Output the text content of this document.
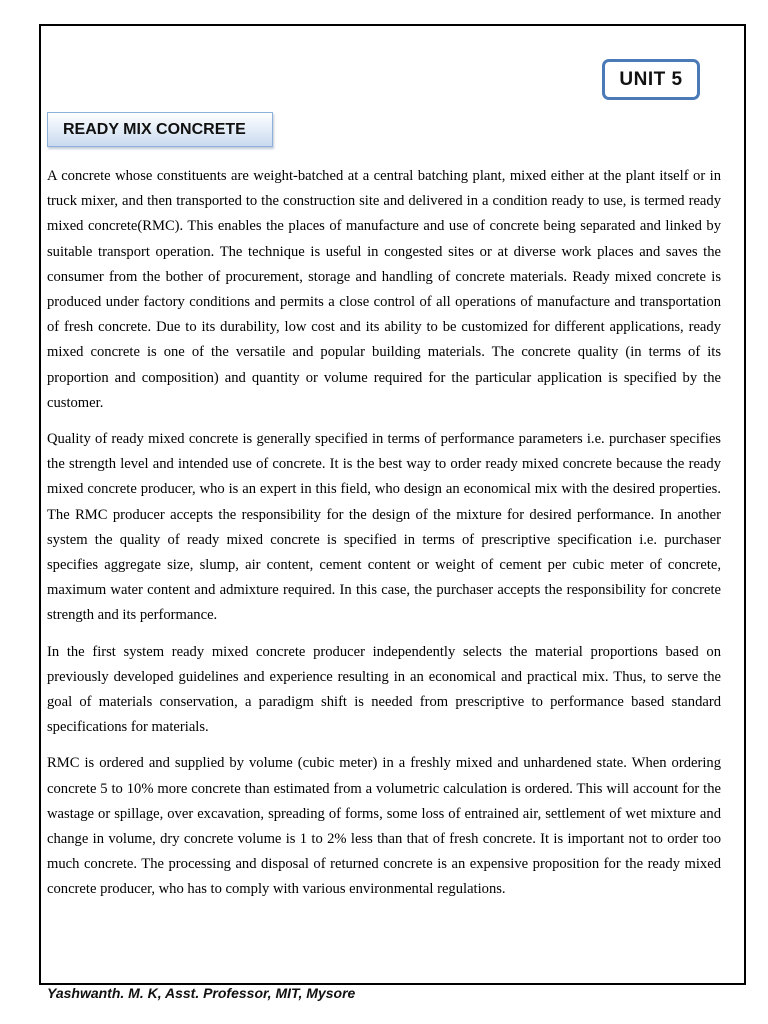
UNIT 5
READY MIX CONCRETE

A concrete whose constituents are weight-batched at a central batching plant, mixed either at the plant itself or in truck mixer, and then transported to the construction site and delivered in a condition ready to use, is termed ready mixed concrete(RMC). This enables the places of manufacture and use of concrete being separated and linked by suitable transport operation. The technique is useful in congested sites or at diverse work places and saves the consumer from the bother of procurement, storage and handling of concrete materials. Ready mixed concrete is produced under factory conditions and permits a close control of all operations of manufacture and transportation of fresh concrete. Due to its durability, low cost and its ability to be customized for different applications, ready mixed concrete is one of the versatile and popular building materials. The concrete quality (in terms of its proportion and composition) and quantity or volume required for the particular application is specified by the customer.

Quality of ready mixed concrete is generally specified in terms of performance parameters i.e. purchaser specifies the strength level and intended use of concrete. It is the best way to order ready mixed concrete because the ready mixed concrete producer, who is an expert in this field, who design an economical mix with the desired properties. The RMC producer accepts the responsibility for the design of the mixture for desired performance. In another system the quality of ready mixed concrete is specified in terms of prescriptive specification i.e. purchaser specifies aggregate size, slump, air content, cement content or weight of cement per cubic meter of concrete, maximum water content and admixture required. In this case, the purchaser accepts the responsibility for concrete strength and its performance.

In the first system ready mixed concrete producer independently selects the material proportions based on previously developed guidelines and experience resulting in an economical and practical mix. Thus, to serve the goal of materials conservation, a paradigm shift is needed from prescriptive to performance based standard specifications for materials.

RMC is ordered and supplied by volume (cubic meter) in a freshly mixed and unhardened state. When ordering concrete 5 to 10% more concrete than estimated from a volumetric calculation is ordered. This will account for the wastage or spillage, over excavation, spreading of forms, some loss of entrained air, settlement of wet mixture and change in volume, dry concrete volume is 1 to 2% less than that of fresh concrete. It is important not to order too much concrete. The processing and disposal of returned concrete is an expensive proposition for the ready mixed concrete producer, who has to comply with various environmental regulations.

Yashwanth. M. K, Asst. Professor, MIT, Mysore
